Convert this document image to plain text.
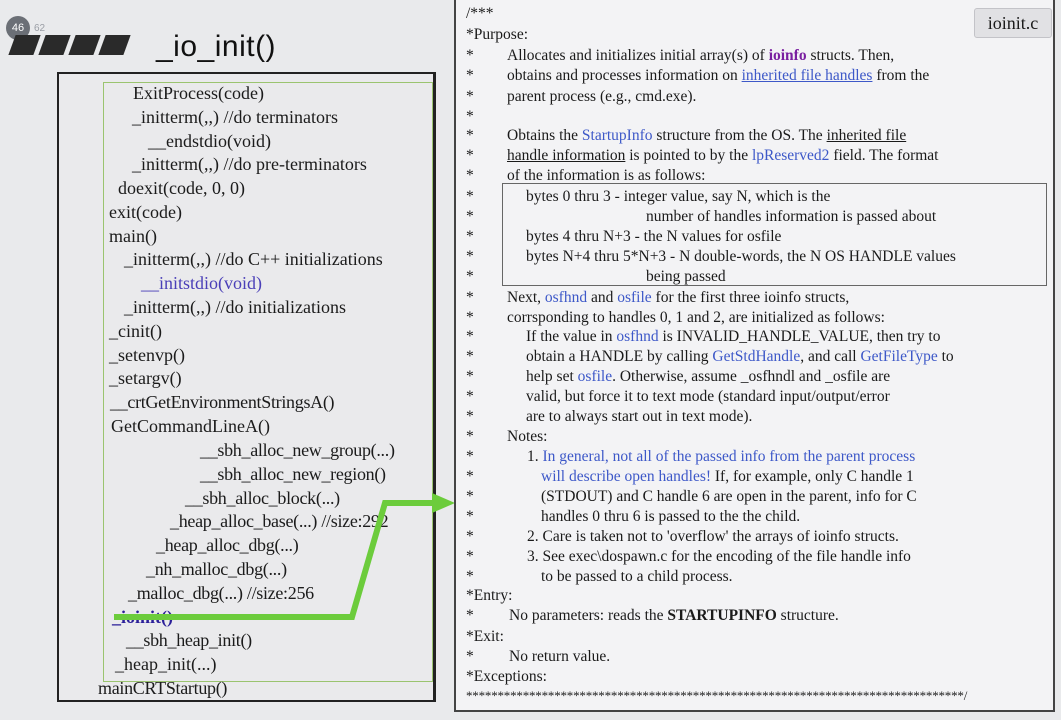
46 62
_io_init()
ExitProcess(code)
_initterm(,,) //do terminators
__endstdio(void)
_initterm(,,) //do pre-terminators
doexit(code, 0, 0)
exit(code)
main()
_initterm(,,) //do C++ initializations
__initstdio(void)
_initterm(,,) //do initializations
_cinit()
_setenvp()
_setargv()
__crtGetEnvironmentStringsA()
GetCommandLineA()
__sbh_alloc_new_group(...)
__sbh_alloc_new_region()
__sbh_alloc_block(...)
_heap_alloc_base(...) //size:292
_heap_alloc_dbg(...)
_nh_malloc_dbg(...)
_malloc_dbg(...) //size:256
_ioinit()
__sbh_heap_init()
_heap_init(...)
mainCRTStartup()
ioinit.c
/***
*Purpose:
* Allocates and initializes initial array(s) of ioinfo structs. Then,
* obtains and processes information on inherited file handles from the
* parent process (e.g., cmd.exe).
*
* Obtains the StartupInfo structure from the OS. The inherited file
* handle information is pointed to by the lpReserved2 field. The format
* of the information is as follows:
*	bytes 0 thru 3 - integer value, say N, which is the
*	number of handles information is passed about
*	bytes 4 thru N+3 - the N values for osfile
*	bytes N+4 thru 5*N+3 - N double-words, the N OS HANDLE values
*	being passed
* Next, osfhnd and osfile for the first three ioinfo structs,
* corrsponding to handles 0, 1 and 2, are initialized as follows:
*	If the value in osfhnd is INVALID_HANDLE_VALUE, then try to
*	obtain a HANDLE by calling GetStdHandle, and call GetFileType to
*	help set osfile. Otherwise, assume _osfhndl and _osfile are
*	valid, but force it to text mode (standard input/output/error
*	are to always start out in text mode).
* Notes:
*	1. In general, not all of the passed info from the parent process
*	will describe open handles! If, for example, only C handle 1
*	(STDOUT) and C handle 6 are open in the parent, info for C
*	handles 0 thru 6 is passed to the the child.
*	2. Care is taken not to 'overflow' the arrays of ioinfo structs.
*	3. See exec\dospawn.c for the encoding of the file handle info
*	to be passed to a child process.
*Entry:
* No parameters: reads the STARTUPINFO structure.
*Exit:
* No return value.
*Exceptions:
*******************************************************************************/
